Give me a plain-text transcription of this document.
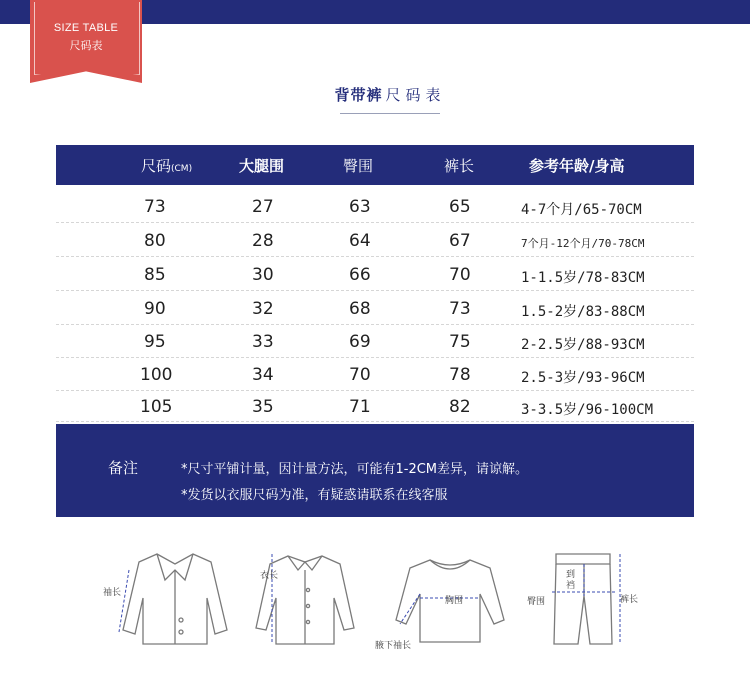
SIZE TABLE
尺码表
背带裤 尺码表
尺码(CM)	大腿围	臀围	裤长	参考年龄/身高
73	27	63	65	4-7个月/65-70CM
80	28	64	67	7个月-12个月/70-78CM
85	30	66	70	1-1.5岁/78-83CM
90	32	68	73	1.5-2岁/83-88CM
95	33	69	75	2-2.5岁/88-93CM
100	34	70	78	2.5-3岁/93-96CM
105	35	71	82	3-3.5岁/96-100CM
备注	*尺寸平铺计量，因计量方法，可能有1-2CM差异，请谅解。
*发货以衣服尺码为准，有疑惑请联系在线客服
袖长
衣长
胸围
腋下袖长
臀围
到裆
裤长
